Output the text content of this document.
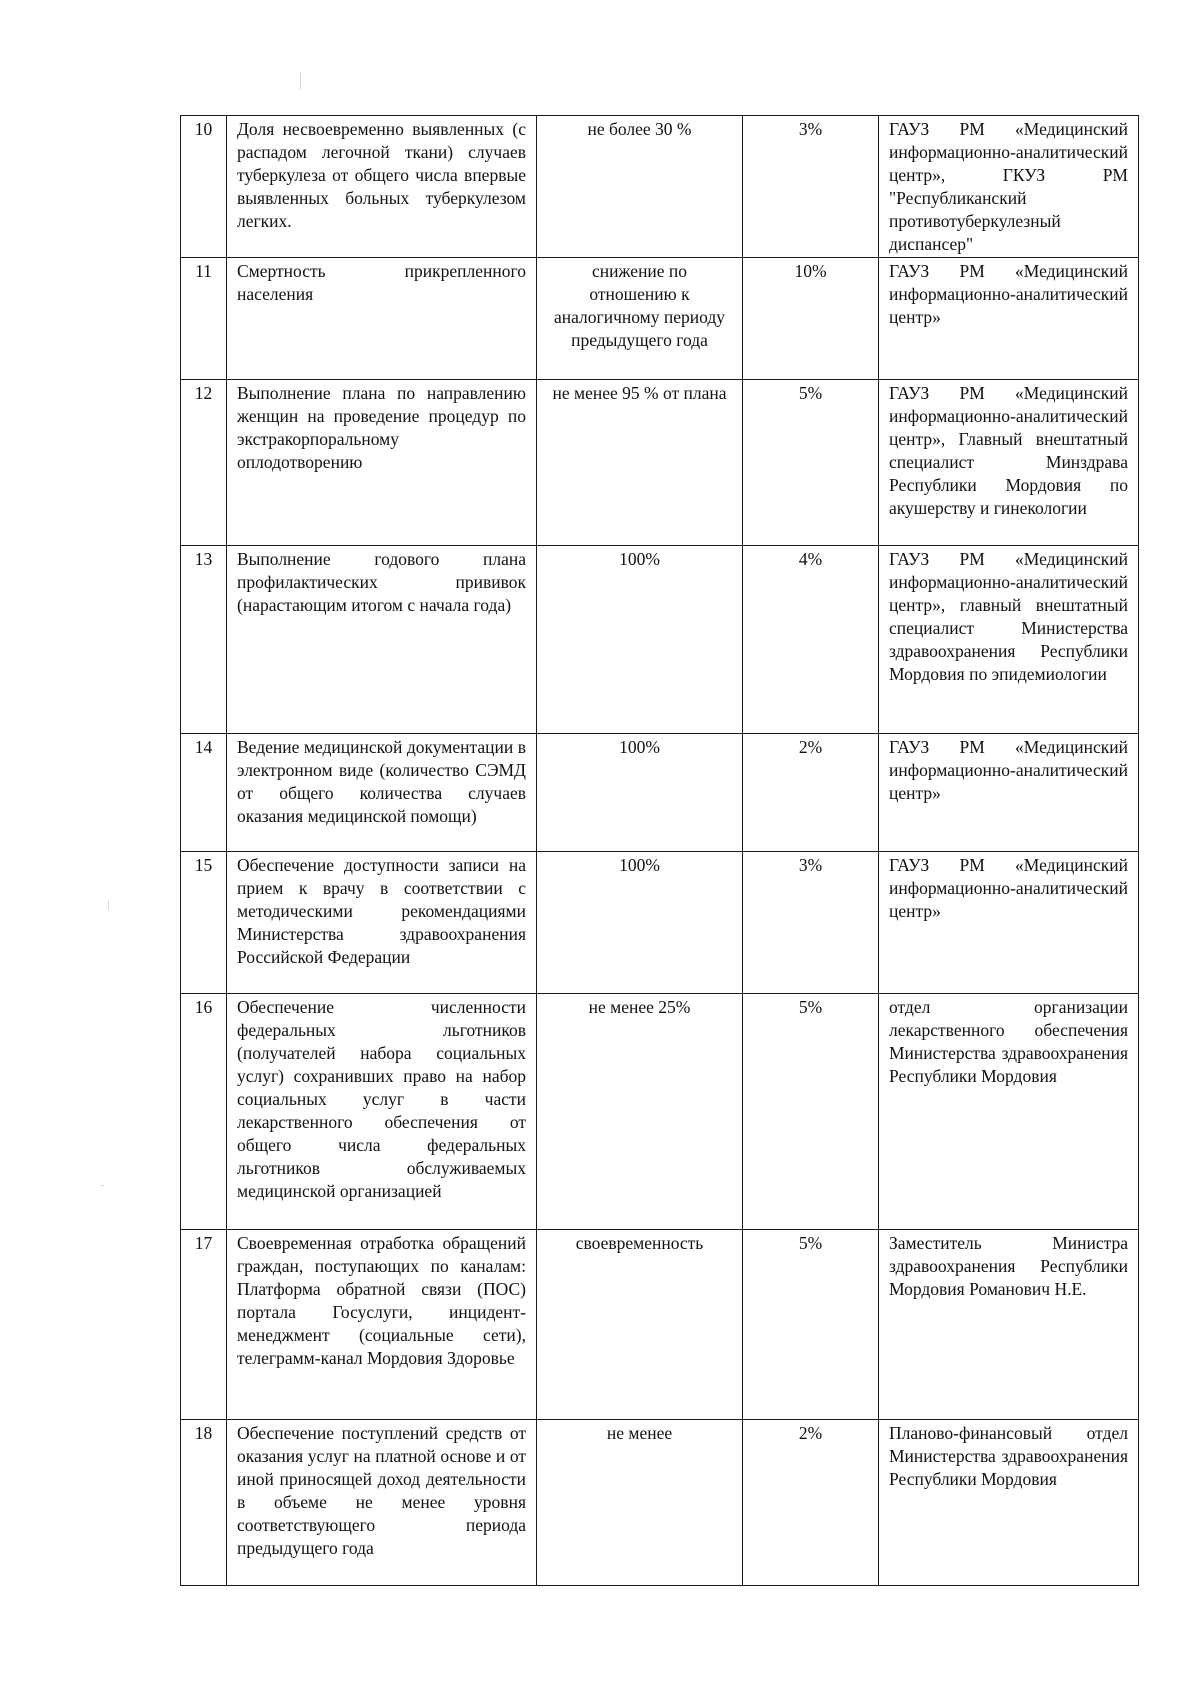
10	Доля несвоевременно выявленных (с распадом легочной ткани) случаев туберкулеза от общего числа впервые выявленных больных туберкулезом легких.	не более 30 %	3%	ГАУЗ РМ «Медицинский информационно-аналитический центр», ГКУЗ РМ "Республиканский противотуберкулезный диспансер"
11	Смертность прикрепленного населения	снижение по отношению к аналогичному периоду предыдущего года	10%	ГАУЗ РМ «Медицинский информационно-аналитический центр»
12	Выполнение плана по направлению женщин на проведение процедур по экстракорпоральному оплодотворению	не менее 95 % от плана	5%	ГАУЗ РМ «Медицинский информационно-аналитический центр», Главный внештатный специалист Минздрава Республики Мордовия по акушерству и гинекологии
13	Выполнение годового плана профилактических прививок (нарастающим итогом с начала года)	100%	4%	ГАУЗ РМ «Медицинский информационно-аналитический центр», главный внештатный специалист Министерства здравоохранения Республики Мордовия по эпидемиологии
14	Ведение медицинской документации в электронном виде (количество СЭМД от общего количества случаев оказания медицинской помощи)	100%	2%	ГАУЗ РМ «Медицинский информационно-аналитический центр»
15	Обеспечение доступности записи на прием к врачу в соответствии с методическими рекомендациями Министерства здравоохранения Российской Федерации	100%	3%	ГАУЗ РМ «Медицинский информационно-аналитический центр»
16	Обеспечение численности федеральных льготников (получателей набора социальных услуг) сохранивших право на набор социальных услуг в части лекарственного обеспечения от общего числа федеральных льготников обслуживаемых медицинской организацией	не менее 25%	5%	отдел организации лекарственного обеспечения Министерства здравоохранения Республики Мордовия
17	Своевременная отработка обращений граждан, поступающих по каналам: Платформа обратной связи (ПОС) портала Госуслуги, инцидент-менеджмент (социальные сети), телеграмм-канал Мордовия Здоровье	своевременность	5%	Заместитель Министра здравоохранения Республики Мордовия Романович Н.Е.
18	Обеспечение поступлений средств от оказания услуг на платной основе и от иной приносящей доход деятельности в объеме не менее уровня соответствующего периода предыдущего года	не менее	2%	Планово-финансовый отдел Министерства здравоохранения Республики Мордовия
